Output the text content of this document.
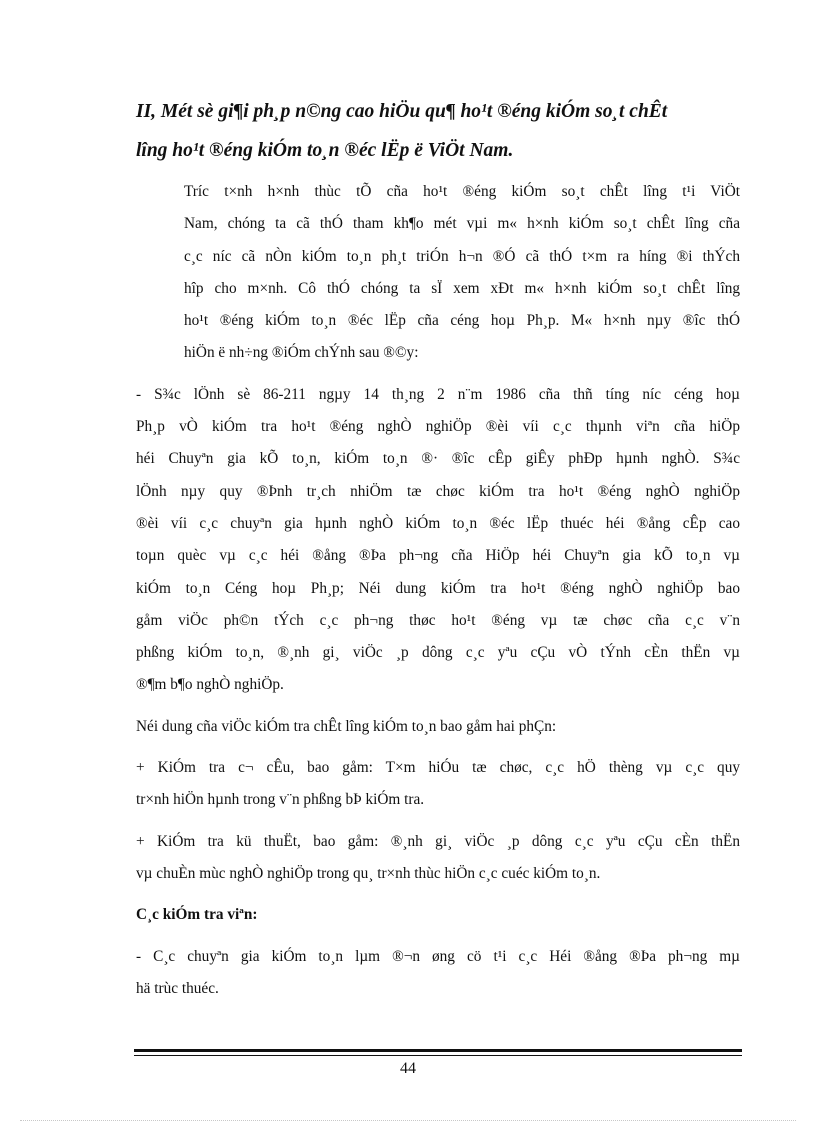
II, Mét sè gi¶i ph¸p n©ng cao hiÖu qu¶ ho¹t ®éng kiÓm so¸t chÊt
lîng ho¹t ®éng kiÓm to¸n ®éc lËp ë ViÖt Nam.

Tríc t×nh h×nh thùc tÕ cña ho¹t ®éng kiÓm so¸t chÊt lîng t¹i ViÖt
Nam, chóng ta cã thÓ tham kh¶o mét vµi m« h×nh kiÓm so¸t chÊt lîng cña
c¸c níc cã nÒn kiÓm to¸n ph¸t triÓn h¬n ®Ó cã thÓ t×m ra híng ®i thÝch
hîp cho m×nh. Cô thÓ chóng ta sÏ xem xÐt m« h×nh kiÓm so¸t chÊt lîng
ho¹t ®éng kiÓm to¸n ®éc lËp cña céng hoµ Ph¸p. M« h×nh nµy ®îc thÓ
hiÖn ë nh÷ng ®iÓm chÝnh sau ®©y:

- S¾c lÖnh sè 86-211 ngµy 14 th¸ng 2 n¨m 1986 cña thñ tíng níc céng hoµ
Ph¸p vÒ kiÓm tra ho¹t ®éng nghÒ nghiÖp ®èi víi c¸c thµnh viªn cña hiÖp
héi Chuyªn gia kÕ to¸n, kiÓm to¸n ®· ®îc cÊp giÊy phÐp hµnh nghÒ. S¾c
lÖnh nµy quy ®Þnh tr¸ch nhiÖm tæ chøc kiÓm tra ho¹t ®éng nghÒ nghiÖp
®èi víi c¸c chuyªn gia hµnh nghÒ kiÓm to¸n ®éc lËp thuéc héi ®ång cÊp cao
toµn quèc vµ c¸c héi ®ång ®Þa ph¬ng cña HiÖp héi Chuyªn gia kÕ to¸n vµ
kiÓm to¸n Céng hoµ Ph¸p; Néi dung kiÓm tra ho¹t ®éng nghÒ nghiÖp bao
gåm viÖc ph©n tÝch c¸c ph¬ng thøc ho¹t ®éng vµ tæ chøc cña c¸c v¨n
phßng kiÓm to¸n, ®¸nh gi¸ viÖc ¸p dông c¸c yªu cÇu vÒ tÝnh cÈn thËn vµ
®¶m b¶o nghÒ nghiÖp.

Néi dung cña viÖc kiÓm tra chÊt lîng kiÓm to¸n bao gåm hai phÇn:

+ KiÓm tra c¬ cÊu, bao gåm: T×m hiÓu tæ chøc, c¸c hÖ thèng vµ c¸c quy
tr×nh hiÖn hµnh trong v¨n phßng bÞ kiÓm tra.

+ KiÓm tra kü thuËt, bao gåm: ®¸nh gi¸ viÖc ¸p dông c¸c yªu cÇu cÈn thËn
vµ chuÈn mùc nghÒ nghiÖp trong qu¸ tr×nh thùc hiÖn c¸c cuéc kiÓm to¸n.

C¸c kiÓm tra viªn:

- C¸c chuyªn gia kiÓm to¸n lµm ®¬n øng cö t¹i c¸c Héi ®ång ®Þa ph¬ng mµ
hä trùc thuéc.

44
